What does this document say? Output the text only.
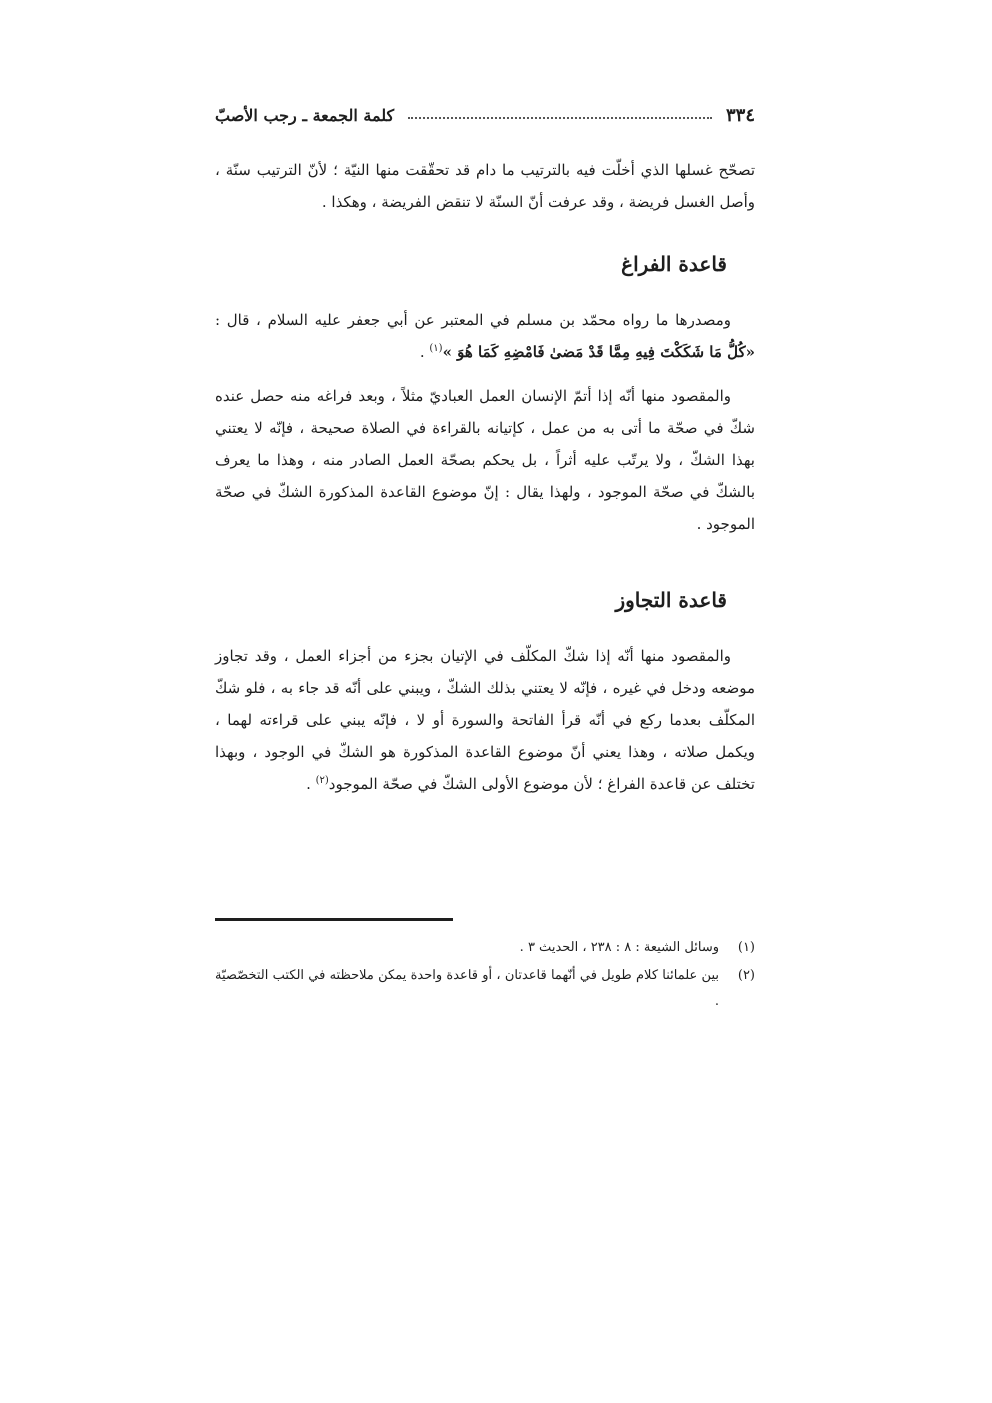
٣٣٤
كلمة الجمعة ـ رجب الأصبّ

تصحّح غسلها الذي أخلّت فيه بالترتيب ما دام قد تحقّقت منها النيّة ؛ لأنّ الترتيب سنّة ، وأصل الغسل فريضة ، وقد عرفت أنّ السنّة لا تنقض الفريضة ، وهكذا .

قاعدة الفراغ

ومصدرها ما رواه محمّد بن مسلم في المعتبر عن أبي جعفر عليه السلام ، قال : «كُلُّ مَا شَكَكْتَ فِيهِ مِمَّا قَدْ مَضىٰ فَامْضِهِ كَمَا هُوَ »$^{(١)}$ .

والمقصود منها أنّه إذا أتمّ الإنسان العمل العباديّ مثلاً ، وبعد فراغه منه حصل عنده شكّ في صحّة ما أتى به من عمل ، كإتيانه بالقراءة في الصلاة صحيحة ، فإنّه لا يعتني بهذا الشكّ ، ولا يرتّب عليه أثراً ، بل يحكم بصحّة العمل الصادر منه ، وهذا ما يعرف بالشكّ في صحّة الموجود ، ولهذا يقال : إنّ موضوع القاعدة المذكورة الشكّ في صحّة الموجود .

قاعدة التجاوز

والمقصود منها أنّه إذا شكّ المكلّف في الإتيان بجزء من أجزاء العمل ، وقد تجاوز موضعه ودخل في غيره ، فإنّه لا يعتني بذلك الشكّ ، ويبني على أنّه قد جاء به ، فلو شكّ المكلّف بعدما ركع في أنّه قرأ الفاتحة والسورة أو لا ، فإنّه يبني على قراءته لهما ، ويكمل صلاته ، وهذا يعني أنّ موضوع القاعدة المذكورة هو الشكّ في الوجود ، وبهذا تختلف عن قاعدة الفراغ ؛ لأن موضوع الأولى الشكّ في صحّة الموجود$^{(٢)}$ .

(١)
وسائل الشيعة : ٨ : ٢٣٨ ، الحديث ٣ .
(٢)
بين علمائنا كلام طويل في أنّهما قاعدتان ، أو قاعدة واحدة يمكن ملاحظته في الكتب التخصّصيّة .
